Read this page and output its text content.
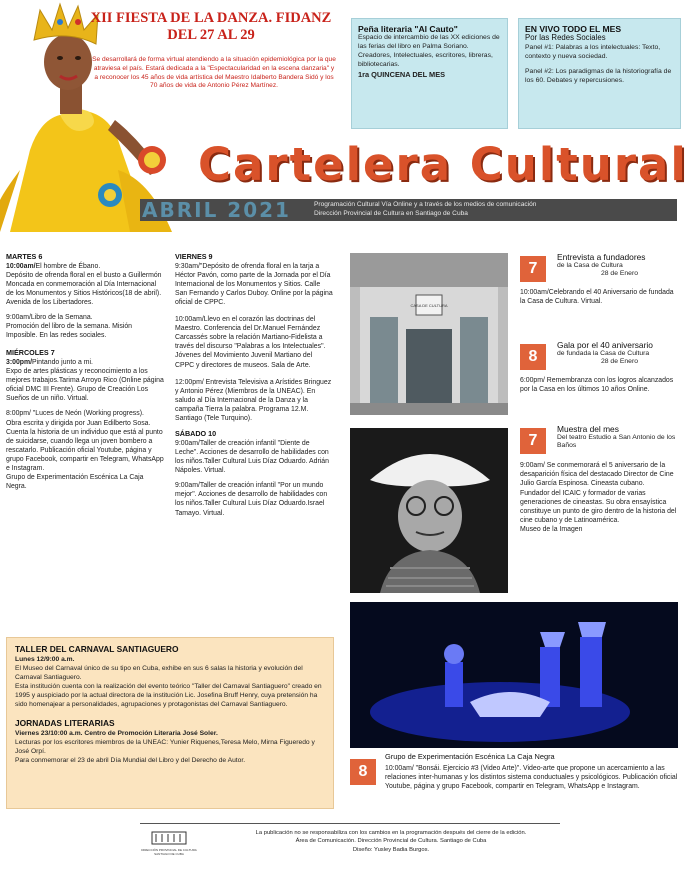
XII FIESTA DE LA DANZA. FIDANZ
DEL 27 AL 29
Se desarrollará de forma virtual atendiendo a la situación epidemiológica por la que atraviesa el país. Estará dedicada a la "Espectacularidad en la escena danzaria" y a reconocer los 45 años de vida artística del Maestro Idalberto Bandera Sidó y los 70 años de vida de Antonio Pérez Martínez.
Peña literaria "Al Cauto"

Espacio de intercambio de las XX ediciones de las ferias del libro en Palma Soriano.

Creadores, Intelectuales, escritores, libreras, bibliotecarias.

1ra QUINCENA DEL MES

EN VIVO TODO EL MES
Por las Redes Sociales

Panel #1: Palabras a los intelectuales: Texto, contexto y nueva sociedad.

Panel #2: Los paradigmas de la historiografía de los 60. Debates y repercusiones.

Cartelera Cultural
ABRIL 2021	Programación Cultural Vía Online y a través de los medios de comunicación
Dirección Provincial de Cultura en Santiago de Cuba
MARTES 6
10:00am/El hombre de Ébano.

Depósito de ofrenda floral en el busto a Guillermón Moncada en conmemoración al Día Internacional de los Monumentos y Sitios Históricos(18 de abril). Avenida de los Libertadores.

9:00am/Libro de la Semana.

Promoción del libro de la semana. Misión Imposible. En las redes sociales.

MIÉRCOLES 7
3:00pm/Pintando junto a mi.

Expo de artes plásticas y reconocimiento a los mejores trabajos.Tarima Arroyo Rico (Online página oficial DMC III Frente). Grupo de Creación Los Sueños de un niño. Virtual.

8:00pm/ "Luces de Neón (Working progress).
Obra escrita y dirigida por Juan Edilberto Sosa. Cuenta la historia de un individuo que está al punto de suicidarse, cuando llega un joven bombero a rescatarlo. Publicación oficial Youtube, página y grupo Facebook, compartir en Telegram, WhatsApp e Instagram.
Grupo de Experimentación Escénica La Caja Negra.
VIERNES 9

9:30am/"Depósito de ofrenda floral en la tarja a Héctor Pavón, como parte de la Jornada por el Día Internacional de los Monumentos y Sitios. Calle San Fernando y Carlos Duboy. Online por la página oficial de CPPC.

10:00am/Llevo en el corazón las doctrinas del Maestro. Conferencia del Dr.Manuel Fernández Carcassés sobre la relación Martiano-Fidelista a través del discurso "Palabras a los Intelectuales". Jóvenes del Movimiento Juvenil Martiano del CPPC y directores de museos. Sala de Arte.

12:00pm/ Entrevista Televisiva a Arístides Bringuez y Antonio Pérez (Miembros de la UNEAC). En saludo al Día Internacional de la Danza y la campaña Tierra la palabra. Programa 12.M. Santiago (Tele Turquino).

SÁBADO 10

9:00am/Taller de creación infantil "Diente de Leche". Acciones de desarrollo de habilidades con los niños.Taller Cultural Luis Díaz Oduardo. Adrián Nápoles. Virtual.

9:00am/Taller de creación infantil "Por un mundo mejor". Acciones de desarrollo de habilidades con los niños.Taller Cultural Luis Díaz Oduardo.Israel Tamayo. Virtual.

TALLER DEL CARNAVAL SANTIAGUERO
Lunes 12/9:00 a.m.
El Museo del Carnaval único de su tipo en Cuba, exhibe en sus 6 salas la historia y evolución del Carnaval Santiaguero.
Esta institución cuenta con la realización del evento teórico "Taller del Carnaval Santiaguero" creado en 1995 y auspiciado por la actual directora de la institución Lic. Josefina Bruff Henry, cuya pretensión ha sido homenajear a personalidades, agrupaciones y protagonistas del Carnaval Santiaguero.
JORNADAS LITERARIAS
Viernes 23/10:00 a.m. Centro de Promoción Literaria José Soler.
Lecturas por los escritores miembros de la UNEAC: Yunier Riquenes,Teresa Melo, Mirna Figueredo y José Orpí.
Para conmemorar el 23 de abril Día Mundial del Libro y del Derecho de Autor.
CASA DE CULTURA
7
Entrevista a fundadores
de la Casa de Cultura
28 de Enero
10:00am/Celebrando el 40 Aniversario de fundada la Casa de Cultura. Virtual.
8
Gala por el 40 aniversario
de fundada la Casa de Cultura
28 de Enero
6:00pm/ Remembranza con los logros alcanzados por la Casa en los últimos 10 años Online.
7
Muestra del mes
Del teatro Estudio a San Antonio de los Baños
9:00am/ Se conmemorará el 5 aniversario de la desaparición física del destacado Director de Cine Julio García Espinosa. Cineasta cubano.
Fundador del ICAIC y formador de varias generaciones de cineastas. Su obra ensayística constituye un punto de giro dentro de la historia del cine cubano y de Latinoamérica.
Museo de la Imagen
8
Grupo de Experimentación Escénica La Caja Negra
10:00am/ "Bonsái. Ejercicio #3 (Video Arte)". Video-arte que propone un acercamiento a las relaciones inter-humanas y los distintos sistema conductuales y psicológicos. Publicación oficial Youtube, página y grupo Facebook, compartir en Telegram, WhatsApp e Instagram.
DIRECCIÓN PROVINCIAL DE CULTURA
SANTIAGO DE CUBA
La publicación no se responsabiliza con los cambios en la programación después del cierre de la edición.
Área de Comunicación. Dirección Provincial de Cultura. Santiago de Cuba
Diseño: Yusley Badia Burgos.
